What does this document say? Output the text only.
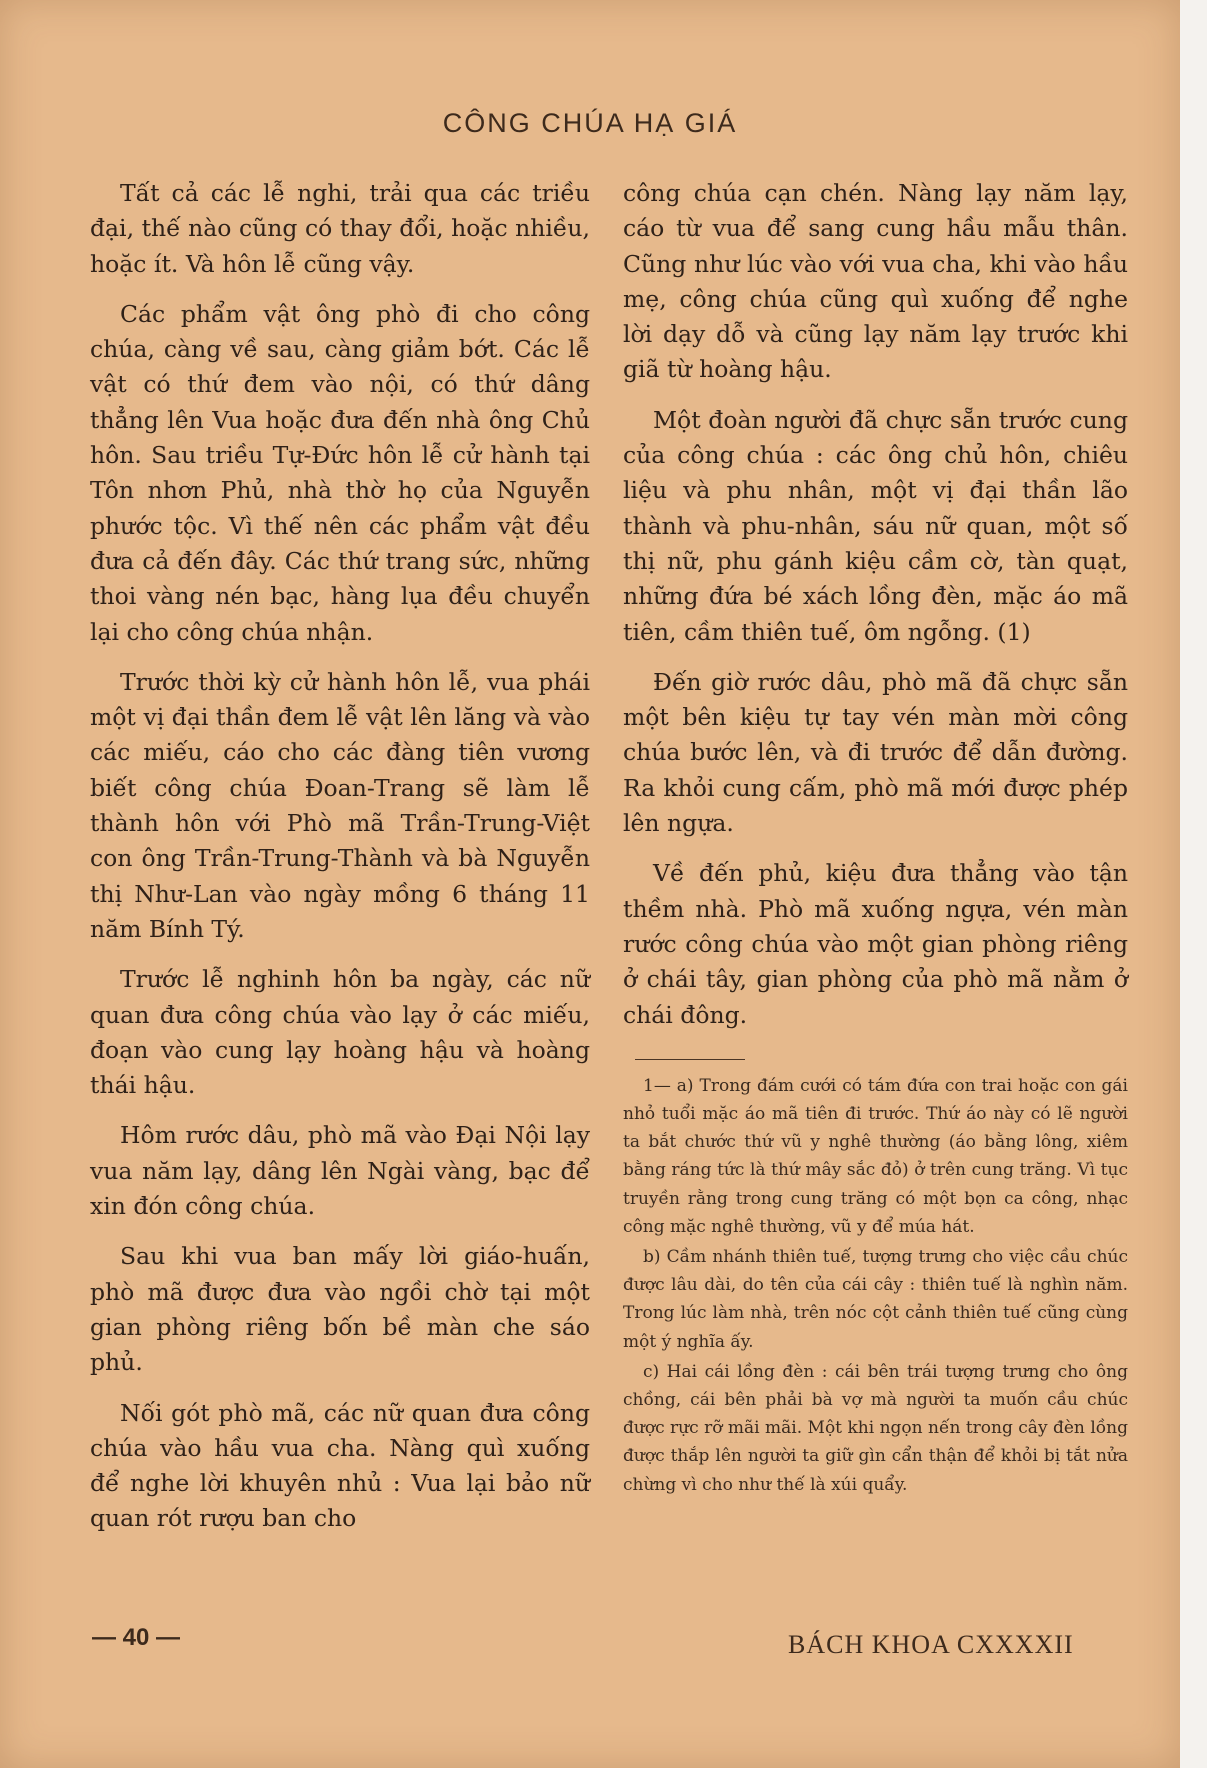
CÔNG CHÚA HẠ GIÁ

Tất cả các lễ nghi, trải qua các triều đại, thế nào cũng có thay đổi, hoặc nhiều, hoặc ít. Và hôn lễ cũng vậy.

Các phẩm vật ông phò đi cho công chúa, càng về sau, càng giảm bớt. Các lễ vật có thứ đem vào nội, có thứ dâng thẳng lên Vua hoặc đưa đến nhà ông Chủ hôn. Sau triều Tự-Đức hôn lễ cử hành tại Tôn nhơn Phủ, nhà thờ họ của Nguyễn phước tộc. Vì thế nên các phẩm vật đều đưa cả đến đây. Các thứ trang sức, những thoi vàng nén bạc, hàng lụa đều chuyển lại cho công chúa nhận.

Trước thời kỳ cử hành hôn lễ, vua phái một vị đại thần đem lễ vật lên lăng và vào các miếu, cáo cho các đàng tiên vương biết công chúa Đoan-Trang sẽ làm lễ thành hôn với Phò mã Trần-Trung-Việt con ông Trần-Trung-Thành và bà Nguyễn thị Như-Lan vào ngày mồng 6 tháng 11 năm Bính Tý.

Trước lễ nghinh hôn ba ngày, các nữ quan đưa công chúa vào lạy ở các miếu, đoạn vào cung lạy hoàng hậu và hoàng thái hậu.

Hôm rước dâu, phò mã vào Đại Nội lạy vua năm lạy, dâng lên Ngài vàng, bạc để xin đón công chúa.

Sau khi vua ban mấy lời giáo-huấn, phò mã được đưa vào ngồi chờ tại một gian phòng riêng bốn bề màn che sáo phủ.

Nối gót phò mã, các nữ quan đưa công chúa vào hầu vua cha. Nàng quì xuống để nghe lời khuyên nhủ : Vua lại bảo nữ quan rót rượu ban cho

công chúa cạn chén. Nàng lạy năm lạy, cáo từ vua để sang cung hầu mẫu thân. Cũng như lúc vào với vua cha, khi vào hầu mẹ, công chúa cũng quì xuống để nghe lời dạy dỗ và cũng lạy năm lạy trước khi giã từ hoàng hậu.

Một đoàn người đã chực sẵn trước cung của công chúa : các ông chủ hôn, chiêu liệu và phu nhân, một vị đại thần lão thành và phu-nhân, sáu nữ quan, một số thị nữ, phu gánh kiệu cầm cờ, tàn quạt, những đứa bé xách lồng đèn, mặc áo mã tiên, cầm thiên tuế, ôm ngỗng. (1)

Đến giờ rước dâu, phò mã đã chực sẵn một bên kiệu tự tay vén màn mời công chúa bước lên, và đi trước để dẫn đường. Ra khỏi cung cấm, phò mã mới được phép lên ngựa.

Về đến phủ, kiệu đưa thẳng vào tận thềm nhà. Phò mã xuống ngựa, vén màn rước công chúa vào một gian phòng riêng ở chái tây, gian phòng của phò mã nằm ở chái đông.

1— a) Trong đám cưới có tám đứa con trai hoặc con gái nhỏ tuổi mặc áo mã tiên đi trước. Thứ áo này có lẽ người ta bắt chước thứ vũ y nghê thường (áo bằng lông, xiêm bằng ráng tức là thứ mây sắc đỏ) ở trên cung trăng. Vì tục truyền rằng trong cung trăng có một bọn ca công, nhạc công mặc nghê thường, vũ y để múa hát.

b) Cầm nhánh thiên tuế, tượng trưng cho việc cầu chúc được lâu dài, do tên của cái cây : thiên tuế là nghìn năm. Trong lúc làm nhà, trên nóc cột cảnh thiên tuế cũng cùng một ý nghĩa ấy.

c) Hai cái lồng đèn : cái bên trái tượng trưng cho ông chồng, cái bên phải bà vợ mà người ta muốn cầu chúc được rực rỡ mãi mãi. Một khi ngọn nến trong cây đèn lồng được thắp lên người ta giữ gìn cẩn thận để khỏi bị tắt nửa chừng vì cho như thế là xúi quẩy.

— 40 —	BÁCH KHOA CXXXXII
